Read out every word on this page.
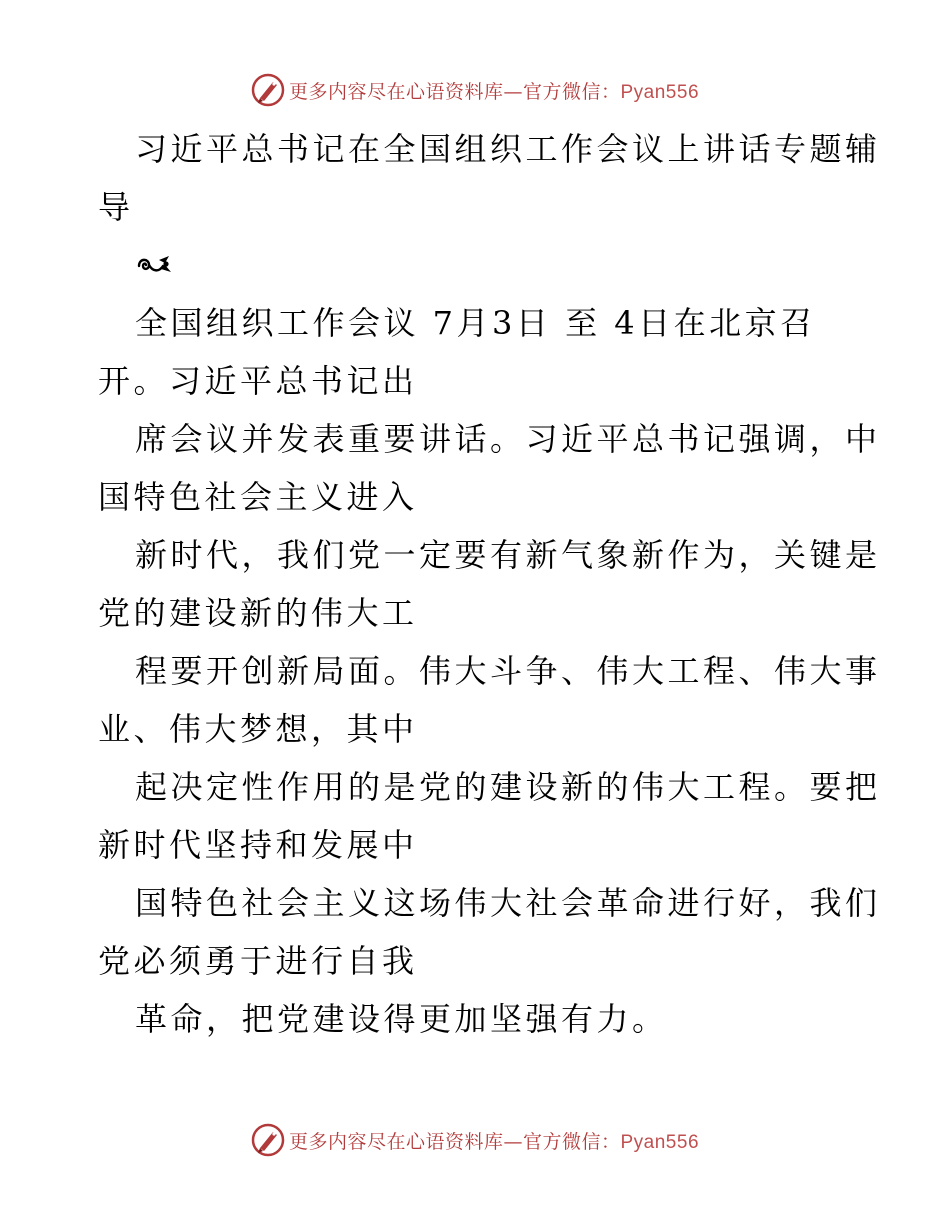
更多内容尽在心语资料库—官方微信：Pyan556
习近平总书记在全国组织工作会议上讲话专题辅
导
全国组织工作会议 7月3日 至 4日在北京召
开。习近平总书记出
席会议并发表重要讲话。习近平总书记强调，中
国特色社会主义进入
新时代，我们党一定要有新气象新作为，关键是
党的建设新的伟大工
程要开创新局面。伟大斗争、伟大工程、伟大事
业、伟大梦想，其中
起决定性作用的是党的建设新的伟大工程。要把
新时代坚持和发展中
国特色社会主义这场伟大社会革命进行好，我们
党必须勇于进行自我
革命，把党建设得更加坚强有力。
更多内容尽在心语资料库—官方微信：Pyan556
